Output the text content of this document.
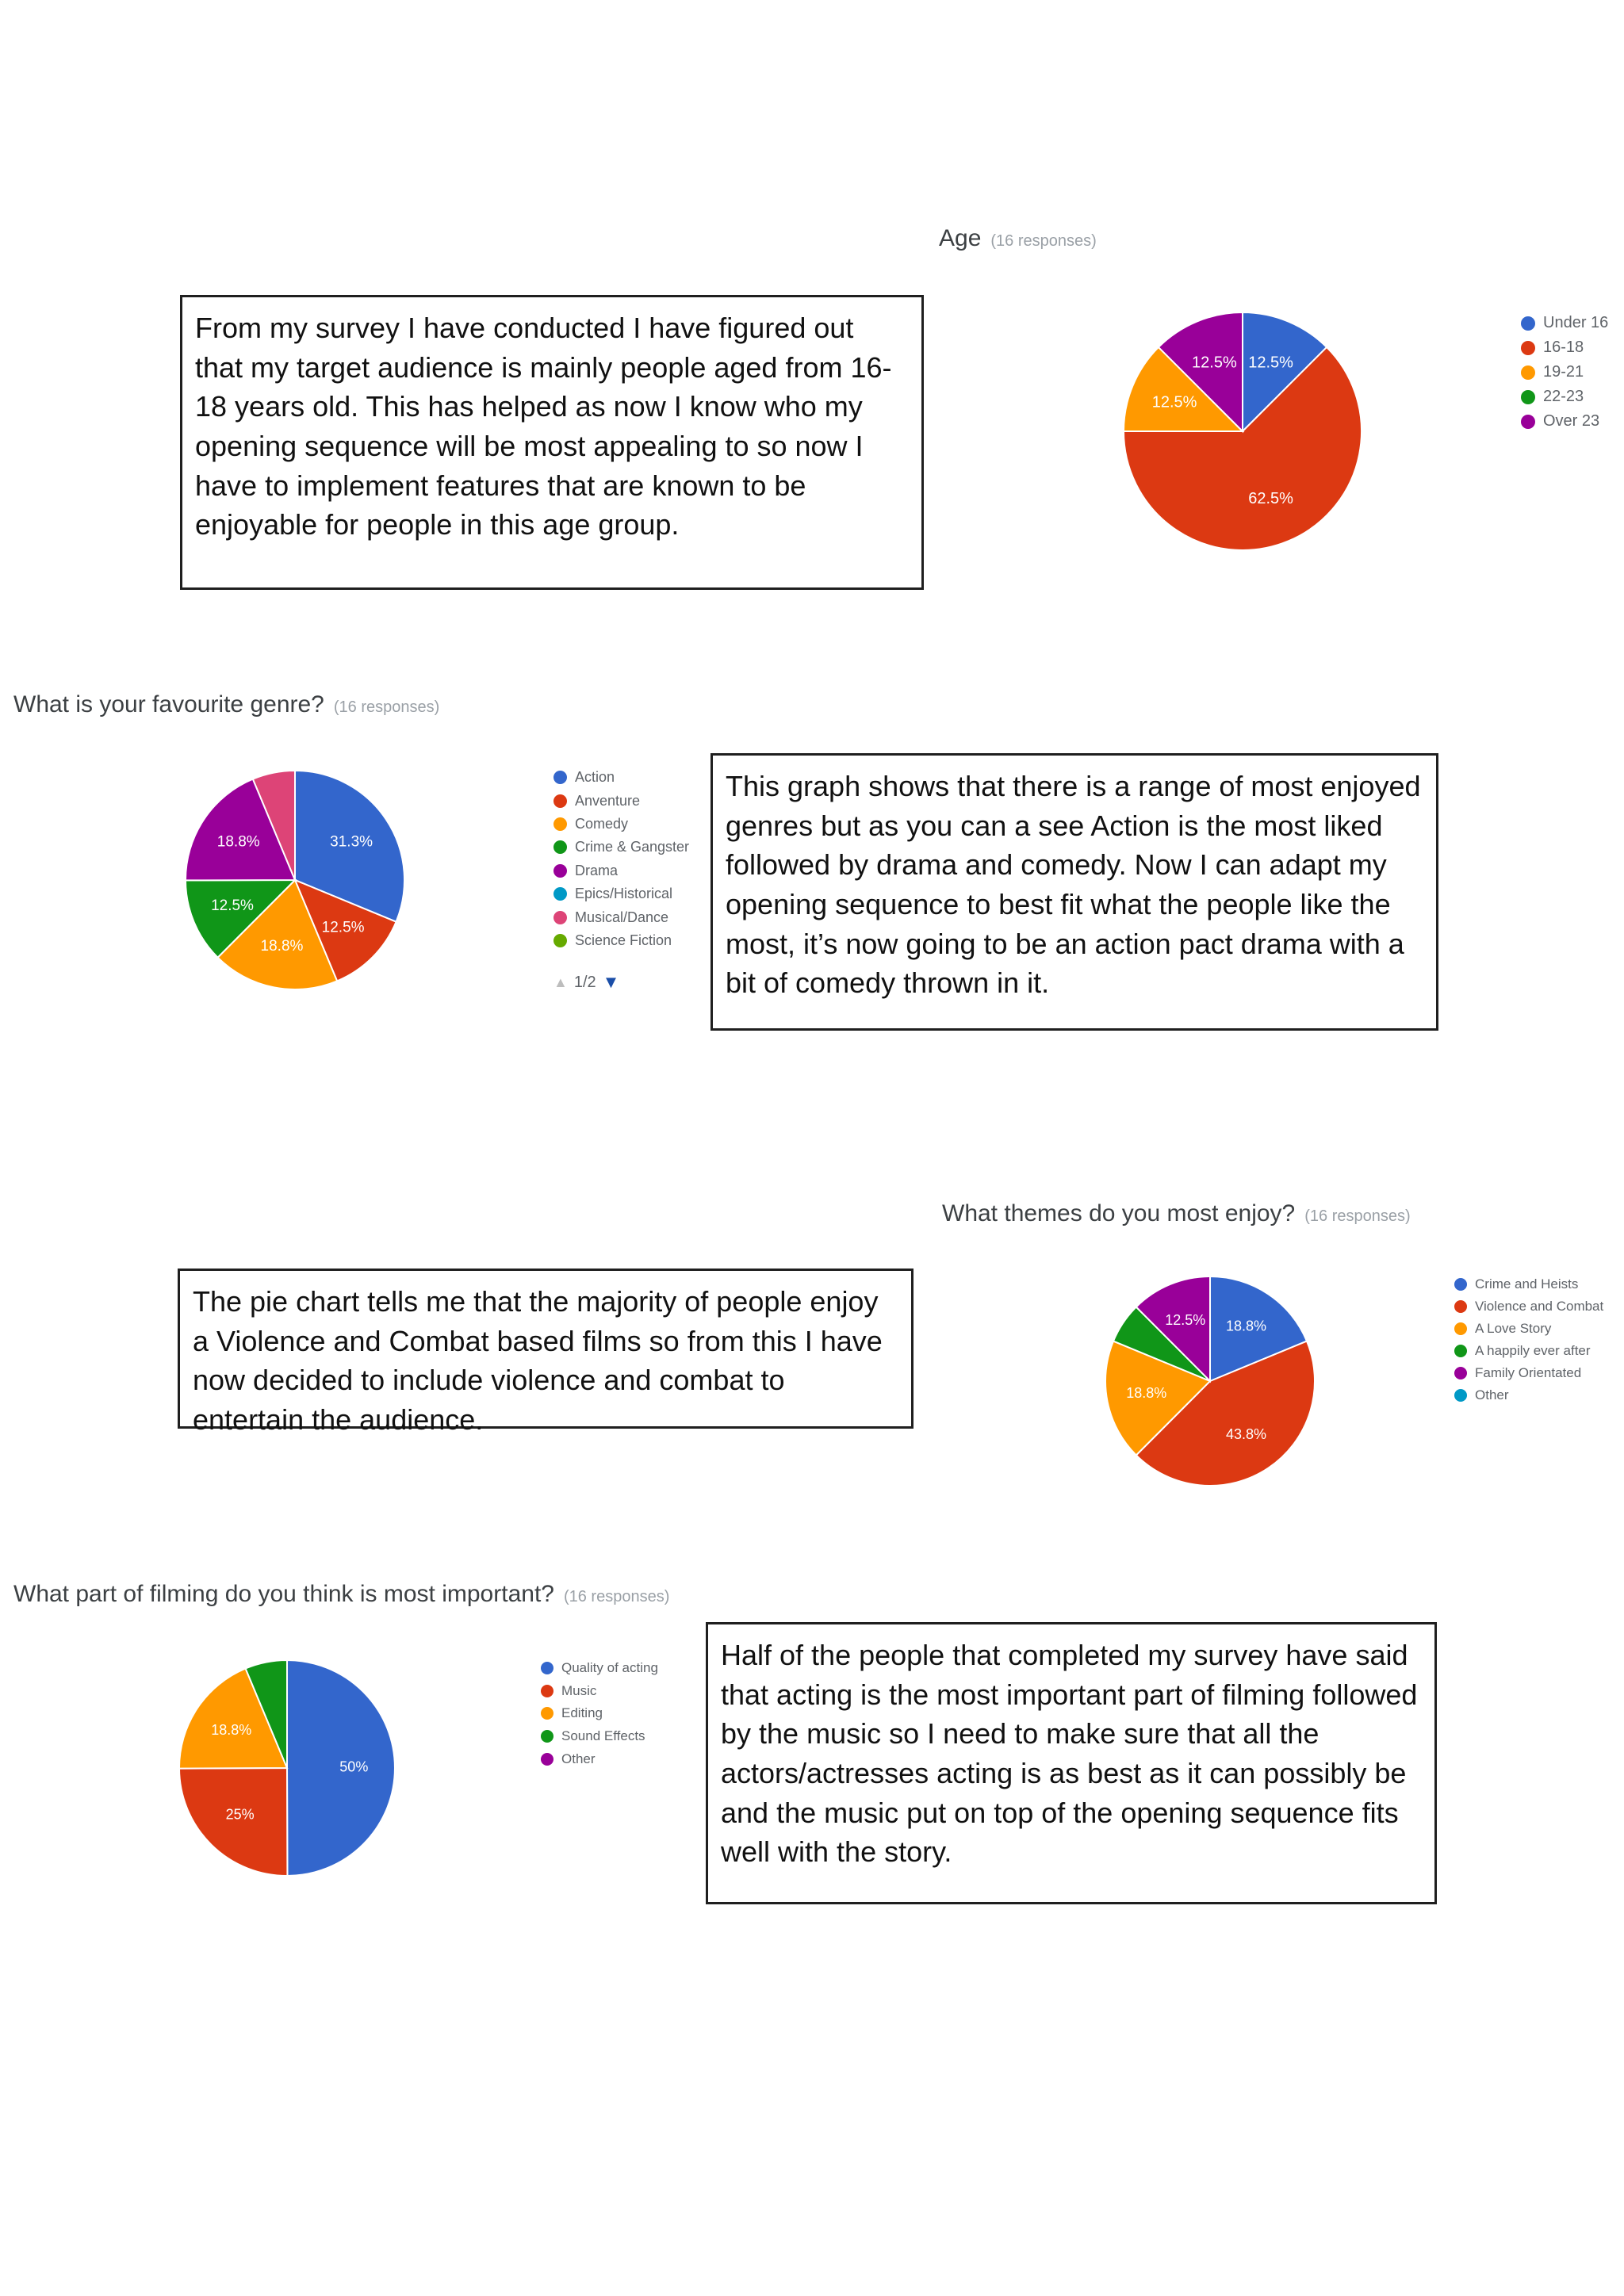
Age (16 responses)
12.5%
62.5%
12.5%
12.5%
Under 16
16-18
19-21
22-23
Over 23
From my survey I have conducted I have figured out that my target audience is mainly people aged from 16-18 years old. This has helped as now I know who my opening sequence will be most appealing to so now I have to implement features that are known to be enjoyable for people in this age group.
What is your favourite genre? (16 responses)
31.3%
12.5%
18.8%
12.5%
18.8%
Action
Anventure
Comedy
Crime & Gangster
Drama
Epics/Historical
Musical/Dance
Science Fiction
▲ 1/2 ▼
This graph shows that there is a range of most enjoyed genres but as you can a see Action is the most liked followed by drama and comedy. Now I can adapt my opening sequence to best fit what the people like the most, it’s now going to be an action pact drama with a bit of comedy thrown in it.
What themes do you most enjoy? (16 responses)
18.8%
43.8%
18.8%
12.5%
Crime and Heists
Violence and Combat
A Love Story
A happily ever after
Family Orientated
Other
The pie chart tells me that the majority of people enjoy a Violence and Combat based films so from this I have now decided to include violence and combat to entertain the audience.
What part of filming do you think is most important? (16 responses)
50%
25%
18.8%
Quality of acting
Music
Editing
Sound Effects
Other
Half of the people that completed my survey have said that acting is the most important part of filming followed by the music so I need to make sure that all the actors/actresses acting is as best as it can possibly be and the music put on top of the opening sequence fits well with the story.
